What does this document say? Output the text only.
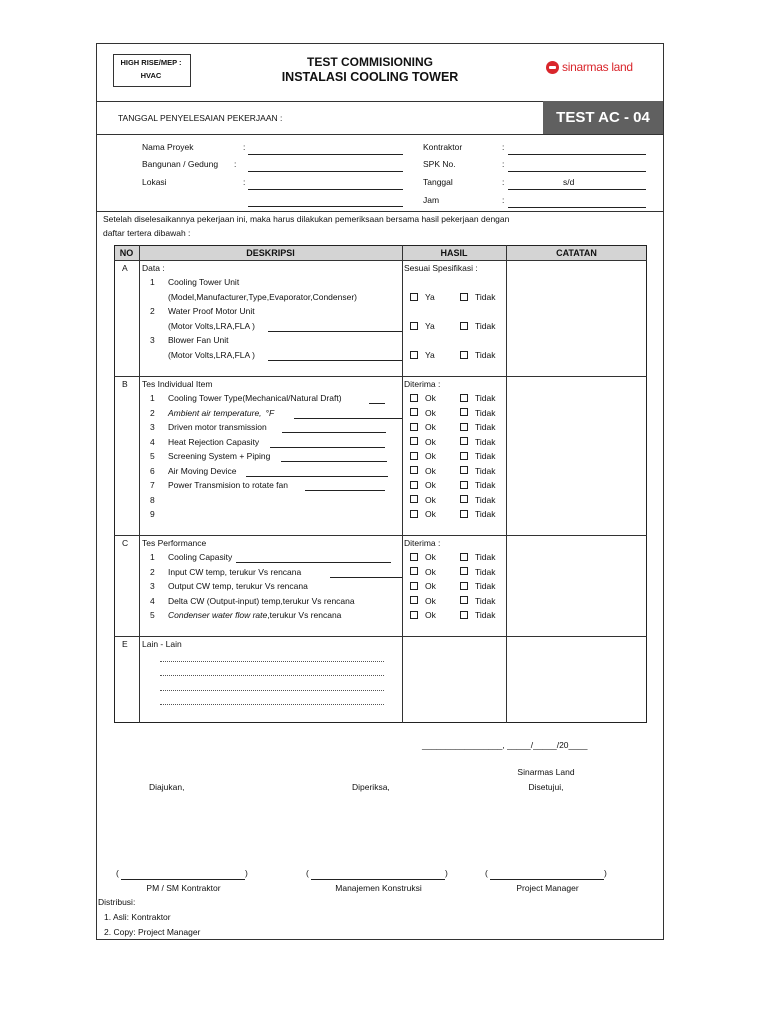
HIGH RISE/MEP :
HVAC
TEST COMMISIONING
INSTALASI COOLING TOWER
sinarmas land
TANGGAL PENYELESAIAN PEKERJAAN :	TEST AC - 04
Nama Proyek	:
Bangunan / Gedung :
Lokasi	:
Kontraktor	:
SPK No.	:
Tanggal	:	s/d
Jam	:
Setelah diselesaikannya pekerjaan ini, maka harus dilakukan pemeriksaan bersama hasil pekerjaan dengan
daftar tertera dibawah :
NO	DESKRIPSI	HASIL	CATATAN
A Data :	Sesuai Spesifikasi :
1 Cooling Tower Unit
(Model,Manufacturer,Type,Evaporator,Condenser)	Ya	Tidak
2 Water Proof Motor Unit
(Motor Volts,LRA,FLA )	Ya	Tidak
3 Blower Fan Unit
(Motor Volts,LRA,FLA )	Ya	Tidak
B Tes Individual Item	Diterima :
1 Cooling Tower Type(Mechanical/Natural Draft)	Ok	Tidak
2 Ambient air temperature, °F	Ok	Tidak
3 Driven motor transmission	Ok	Tidak
4 Heat Rejection Capasity	Ok	Tidak
5 Screening System + Piping	Ok	Tidak
6 Air Moving Device	Ok	Tidak
7 Power Transmision to rotate fan	Ok	Tidak
8	Ok	Tidak
9	Ok	Tidak
C Tes Performance	Diterima :
1 Cooling Capasity	Ok	Tidak
2 Input CW temp, terukur Vs rencana	Ok	Tidak
3 Output CW temp, terukur Vs rencana	Ok	Tidak
4 Delta CW (Output-input) temp,terukur Vs rencana	Ok	Tidak
5 Condenser water flow rate,terukur Vs rencana	Ok	Tidak
E Lain - Lain
_________________, _____/_____/20____
Sinarmas Land
Diajukan,	Diperiksa,	Disetujui,
(	)	(	)	(	)
PM / SM Kontraktor	Manajemen Konstruksi	Project Manager
Distribusi:
1. Asli: Kontraktor
2. Copy: Project Manager
